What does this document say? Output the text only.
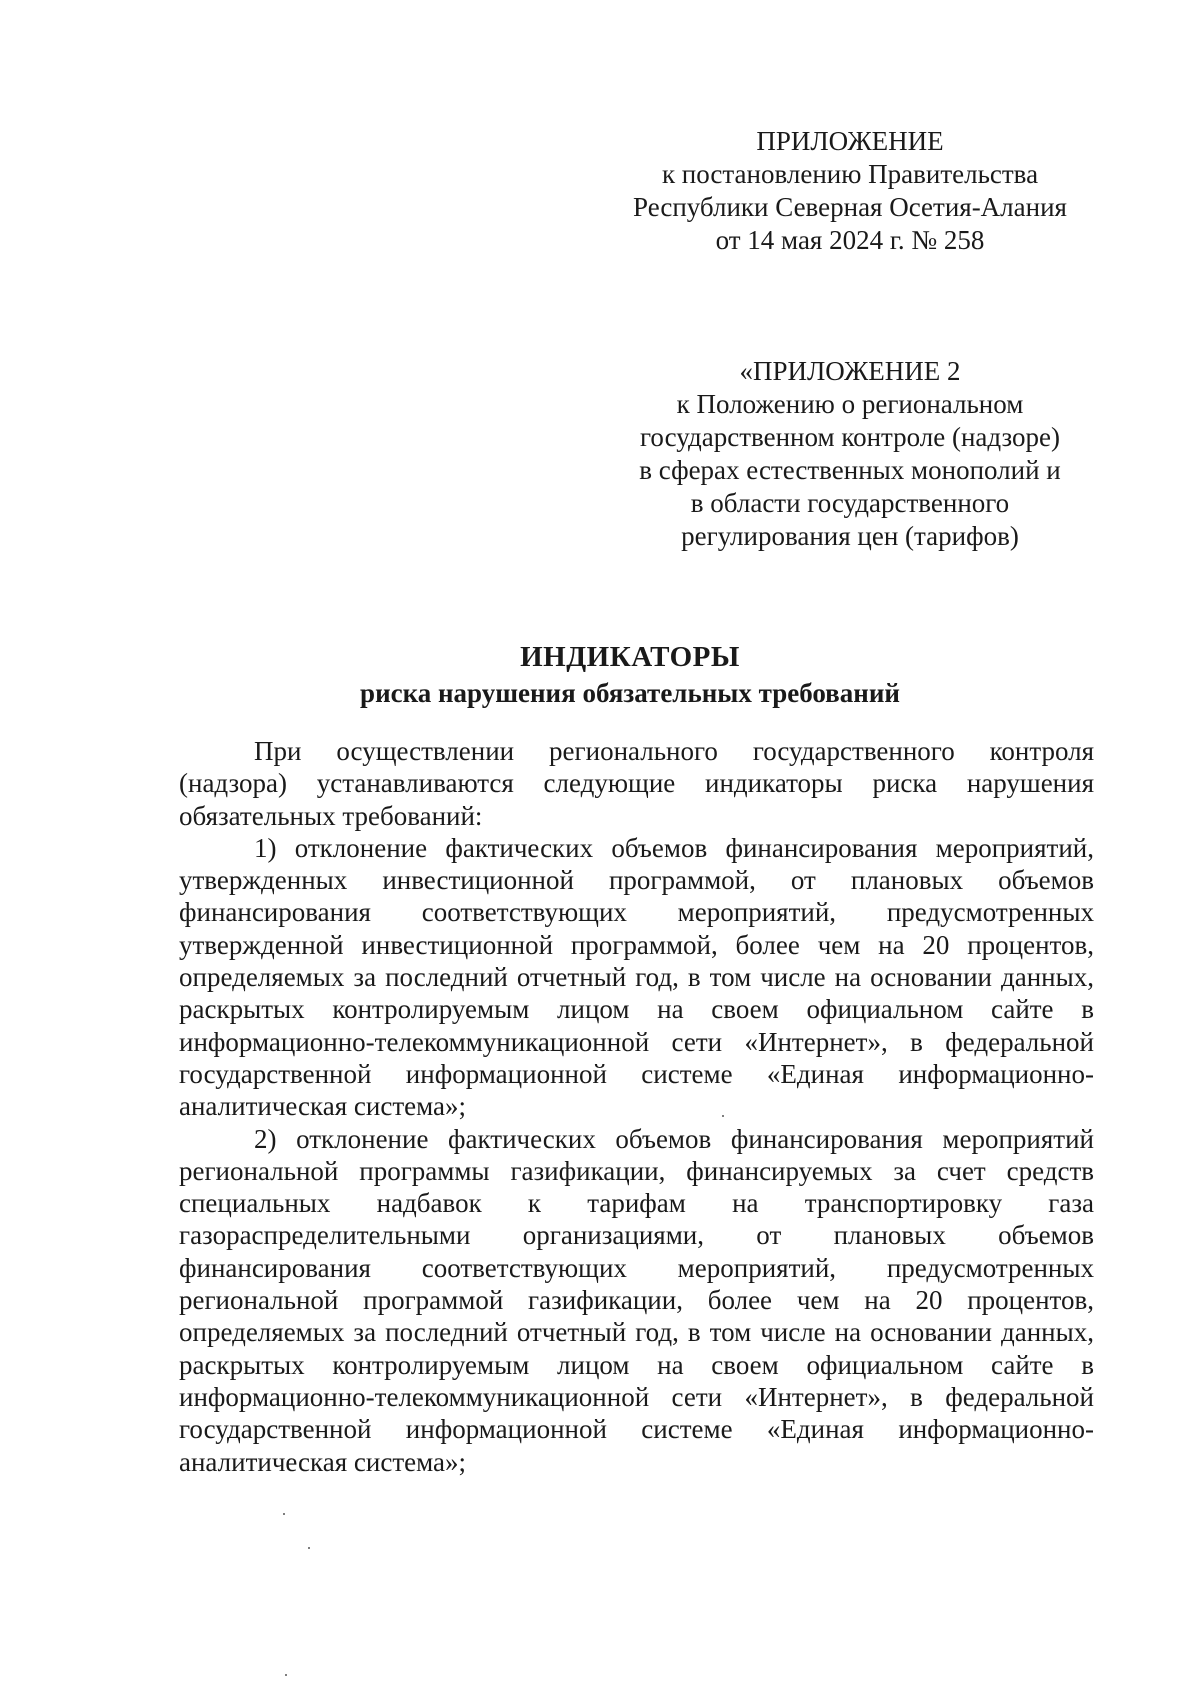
ПРИЛОЖЕНИЕ
к постановлению Правительства
Республики Северная Осетия-Алания
от 14 мая 2024 г. № 258
«ПРИЛОЖЕНИЕ 2
к Положению о региональном
государственном контроле (надзоре)
в сферах естественных монополий и
в области государственного
регулирования цен (тарифов)
ИНДИКАТОРЫ
риска нарушения обязательных требований

При осуществлении регионального государственного контроля (надзора) устанавливаются следующие индикаторы риска нарушения обязательных требований:

1) отклонение фактических объемов финансирования мероприятий, утвержденных инвестиционной программой, от плановых объемов финансирования соответствующих мероприятий, предусмотренных утвержденной инвестиционной программой, более чем на 20 процентов, определяемых за последний отчетный год, в том числе на основании данных, раскрытых контролируемым лицом на своем официальном сайте в информационно-телекоммуникационной сети «Интернет», в федеральной государственной информационной системе «Единая информационно-аналитическая система»;

2) отклонение фактических объемов финансирования мероприятий региональной программы газификации, финансируемых за счет средств специальных надбавок к тарифам на транспортировку газа газораспределительными организациями, от плановых объемов финансирования соответствующих мероприятий, предусмотренных региональной программой газификации, более чем на 20 процентов, определяемых за последний отчетный год, в том числе на основании данных, раскрытых контролируемым лицом на своем официальном сайте в информационно-телекоммуникационной сети «Интернет», в федеральной государственной информационной системе «Единая информационно-аналитическая система»;
